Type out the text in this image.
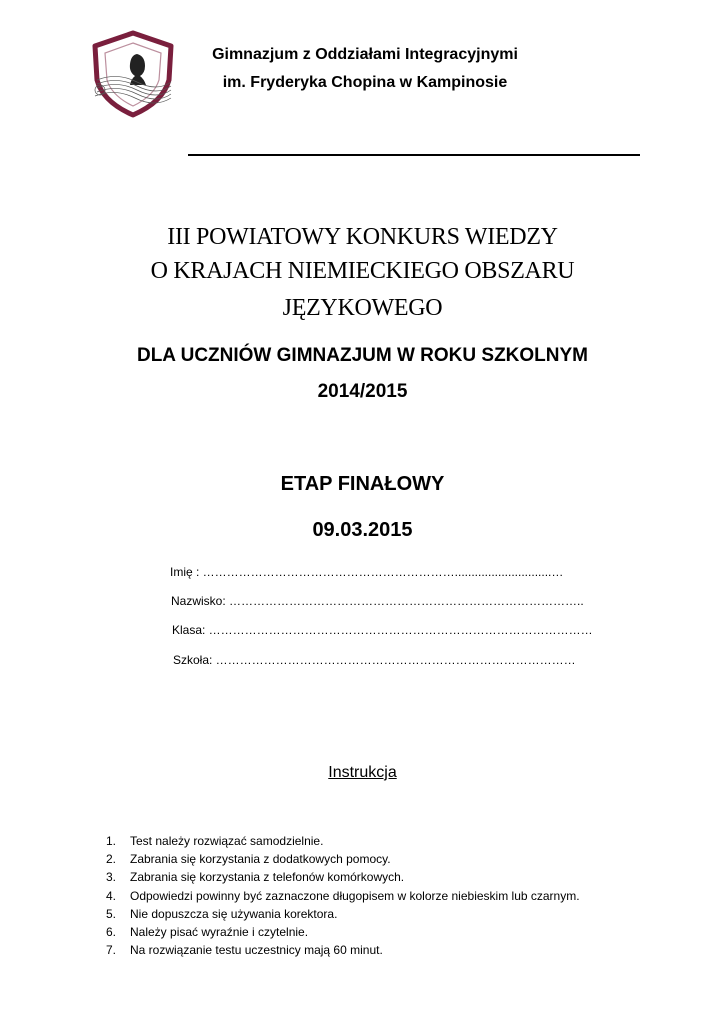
Gimnazjum z Oddziałami Integracyjnymi
im. Fryderyka Chopina w Kampinosie
III POWIATOWY KONKURS WIEDZY
O KRAJACH NIEMIECKIEGO OBSZARU
JĘZYKOWEGO
DLA UCZNIÓW GIMNAZJUM W ROKU SZKOLNYM
2014/2015
ETAP FINAŁOWY
09.03.2015
Imię : ……………………………………………………….............................…
Nazwisko: ……………………………………………………………………………..
Klasa: ……………………………………………………………………………………
Szkoła: ………………………………………………………………………………
Instrukcja
1. Test należy rozwiązać samodzielnie.
2. Zabrania się korzystania z dodatkowych pomocy.
3. Zabrania się korzystania z telefonów komórkowych.
4. Odpowiedzi powinny być zaznaczone długopisem w kolorze niebieskim lub czarnym.
5. Nie dopuszcza się używania korektora.
6. Należy pisać wyraźnie i czytelnie.
7. Na rozwiązanie testu uczestnicy mają 60 minut.
